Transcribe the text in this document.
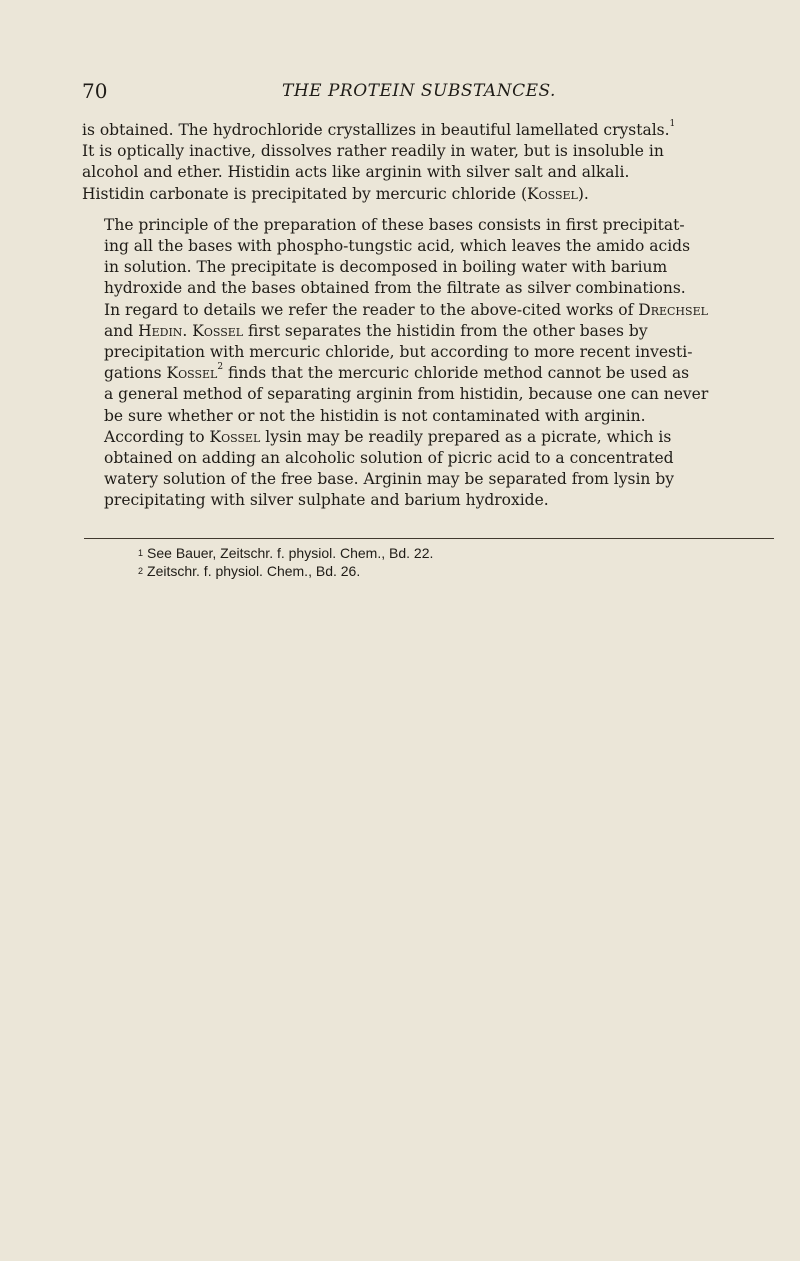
70	THE PROTEIN SUBSTANCES.
is obtained. The hydrochloride crystallizes in beautiful lamellated crystals.$^1$
It is optically inactive, dissolves rather readily in water, but is insoluble in
alcohol and ether. Histidin acts like arginin with silver salt and alkali.
Histidin carbonate is precipitated by mercuric chloride (Kossel).
The principle of the preparation of these bases consists in first precipitat-
ing all the bases with phospho-tungstic acid, which leaves the amido acids
in solution. The precipitate is decomposed in boiling water with barium
hydroxide and the bases obtained from the filtrate as silver combinations.
In regard to details we refer the reader to the above-cited works of Drechsel
and Hedin. Kossel first separates the histidin from the other bases by
precipitation with mercuric chloride, but according to more recent investi-
gations Kossel$^2$ finds that the mercuric chloride method cannot be used as
a general method of separating arginin from histidin, because one can never
be sure whether or not the histidin is not contaminated with arginin.
According to Kossel lysin may be readily prepared as a picrate, which is
obtained on adding an alcoholic solution of picric acid to a concentrated
watery solution of the free base. Arginin may be separated from lysin by
precipitating with silver sulphate and barium hydroxide.
$^1$ See Bauer, Zeitschr. f. physiol. Chem., Bd. 22.
$^2$ Zeitschr. f. physiol. Chem., Bd. 26.
